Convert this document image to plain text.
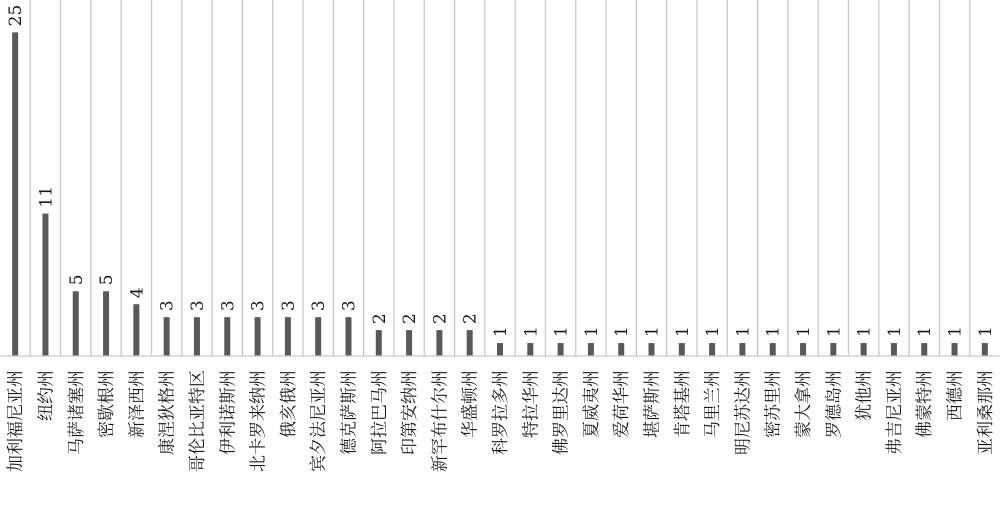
25
11
5 5
4
3 3 3 3 3 3 3
2 2 2 2
1 1 1 1 1 1 1 1 1 1 1 1 1 1 1 1 1
加利福尼亚州 纽约州 马萨诸塞州 密歇根州 新泽西州 康涅狄格州 哥伦比亚特区 伊利诺斯州 北卡罗来纳州 俄亥俄州 宾夕法尼亚州 德克萨斯州 阿拉巴马州 印第安纳州 新罕布什尔州 华盛顿州 科罗拉多州 特拉华州 佛罗里达州 夏威夷州 爱荷华州 堪萨斯州 肯塔基州 马里兰州 明尼苏达州 密苏里州 蒙大拿州 罗德岛州 犹他州 弗吉尼亚州 佛蒙特州 西德州 亚利桑那州
